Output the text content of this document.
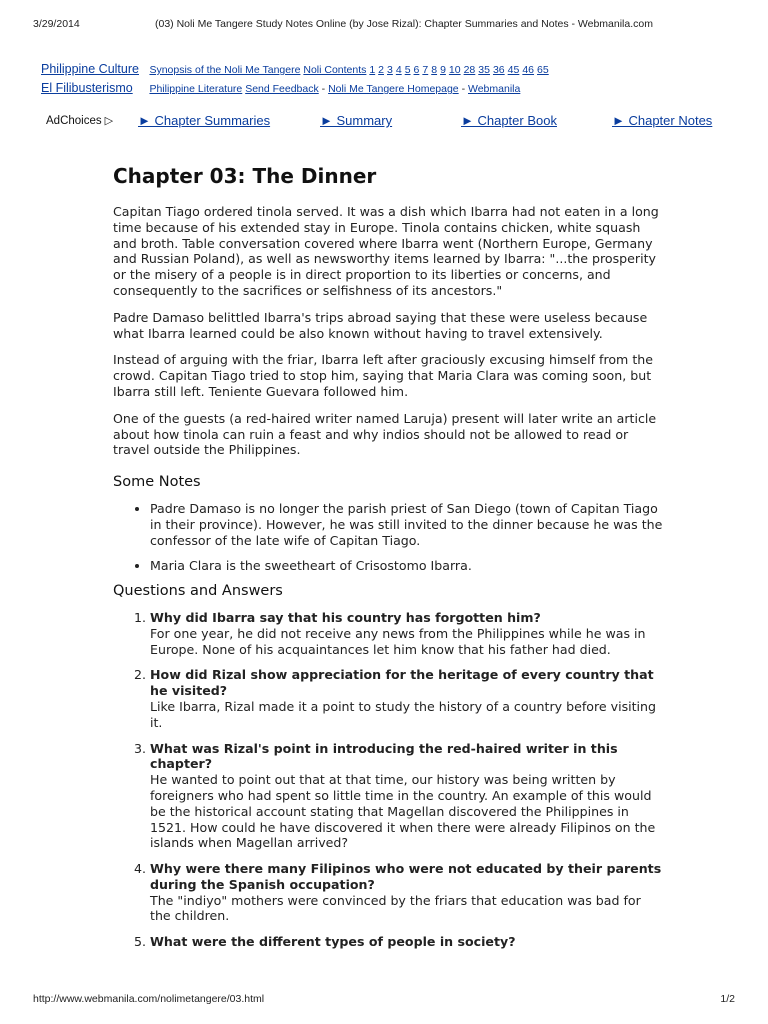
3/29/2014	(03) Noli Me Tangere Study Notes Online (by Jose Rizal): Chapter Summaries and Notes - Webmanila.com
Philippine Culture Synopsis of the Noli Me Tangere Noli Contents 1 2 3 4 5 6 7 8 9 10 28 35 36 45 46 65
El Filibusterismo Philippine Literature Send Feedback - Noli Me Tangere Homepage - Webmanila
AdChoices ▷ ► Chapter Summaries	► Summary	► Chapter Book	► Chapter Notes
Chapter 03: The Dinner

Capitan Tiago ordered tinola served. It was a dish which Ibarra had not eaten in a long time because of his extended stay in Europe. Tinola contains chicken, white squash and broth. Table conversation covered where Ibarra went (Northern Europe, Germany and Russian Poland), as well as newsworthy items learned by Ibarra: "...the prosperity or the misery of a people is in direct proportion to its liberties or concerns, and consequently to the sacrifices or selfishness of its ancestors."

Padre Damaso belittled Ibarra's trips abroad saying that these were useless because what Ibarra learned could be also known without having to travel extensively.

Instead of arguing with the friar, Ibarra left after graciously excusing himself from the crowd. Capitan Tiago tried to stop him, saying that Maria Clara was coming soon, but Ibarra still left. Teniente Guevara followed him.

One of the guests (a red-haired writer named Laruja) present will later write an article about how tinola can ruin a feast and why indios should not be allowed to read or travel outside the Philippines.

Some Notes
• Padre Damaso is no longer the parish priest of San Diego (town of Capitan Tiago in their province). However, he was still invited to the dinner because he was the confessor of the late wife of Capitan Tiago.
• Maria Clara is the sweetheart of Crisostomo Ibarra.
Questions and Answers
1. Why did Ibarra say that his country has forgotten him?
For one year, he did not receive any news from the Philippines while he was in Europe. None of his acquaintances let him know that his father had died.
2. How did Rizal show appreciation for the heritage of every country that he visited?
Like Ibarra, Rizal made it a point to study the history of a country before visiting it.
3. What was Rizal's point in introducing the red-haired writer in this chapter?
He wanted to point out that at that time, our history was being written by foreigners who had spent so little time in the country. An example of this would be the historical account stating that Magellan discovered the Philippines in 1521. How could he have discovered it when there were already Filipinos on the islands when Magellan arrived?
4. Why were there many Filipinos who were not educated by their parents during the Spanish occupation?
The "indiyo" mothers were convinced by the friars that education was bad for the children.
5. What were the different types of people in society?
http://www.webmanila.com/nolimetangere/03.html	1/2
